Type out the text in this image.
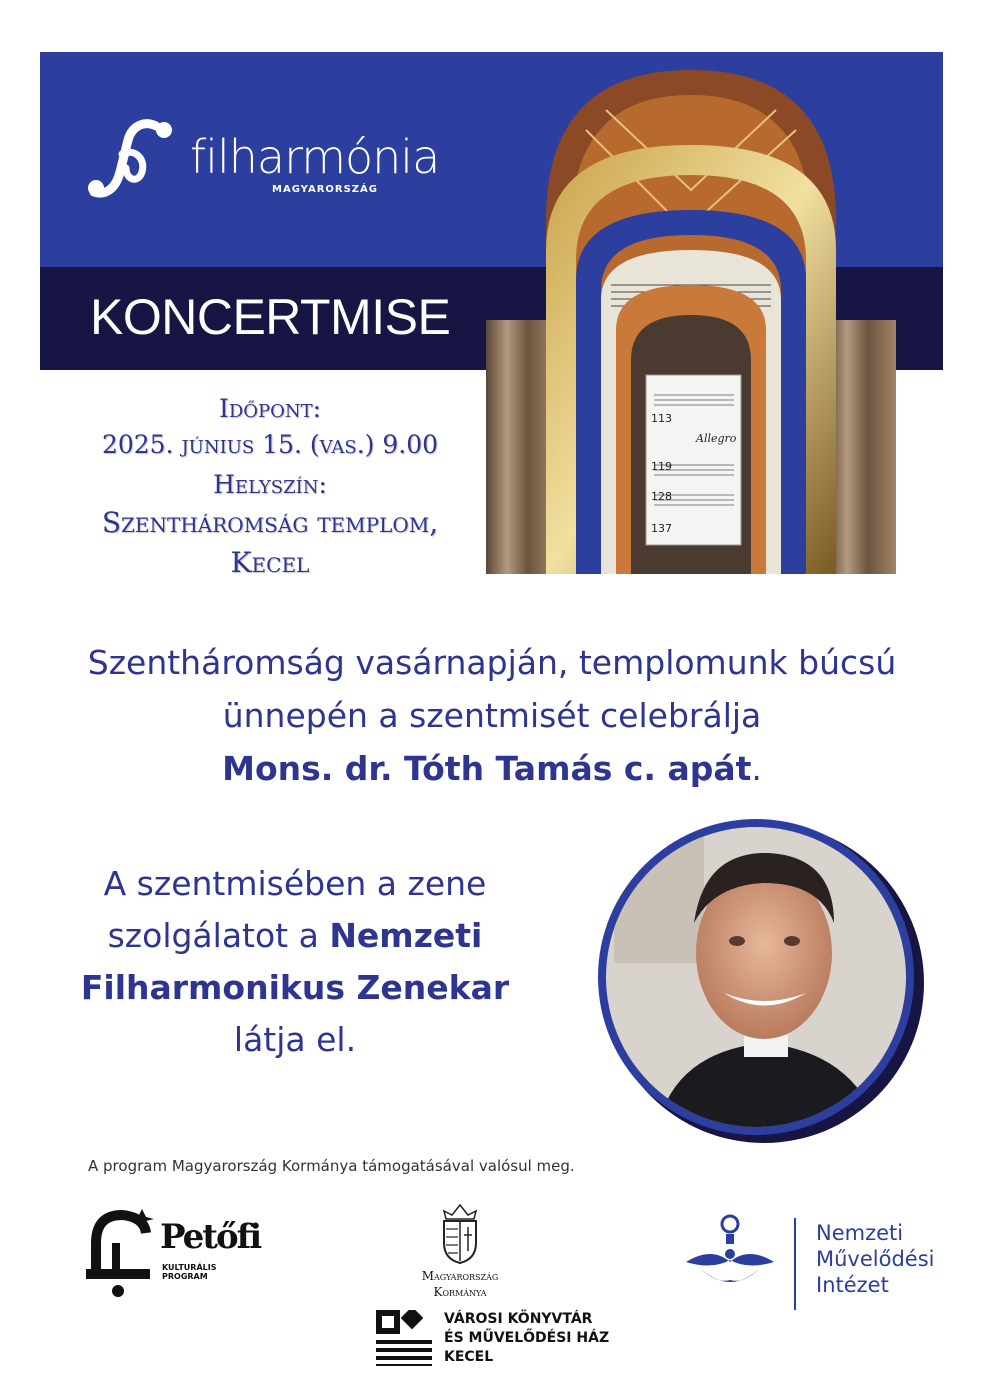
filharmónia
MAGYARORSZÁG
KONCERTMISE
113
Allegro
119
128
137
Időpont:
2025. június 15. (vas.) 9.00
Helyszín:
Szentháromság templom,
Kecel
Szentháromság vasárnapján, templomunk búcsú
ünnepén a szentmisét celebrálja
Mons. dr. Tóth Tamás c. apát.
A szentmisében a zene
szolgálatot a Nemzeti
Filharmonikus Zenekar
látja el.
A program Magyarország Kormánya támogatásával valósul meg.
Petőfi
KULTURÁLIS PROGRAM	Magyarország
Kormánya
Nemzeti
Művelődési
Intézet
VÁROSI KÖNYVTÁR
ÉS MŰVELŐDÉSI HÁZ
KECEL
